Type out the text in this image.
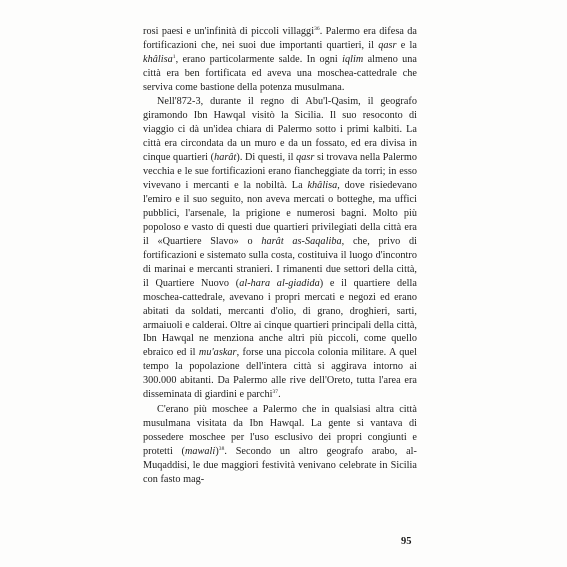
rosi paesi e un'infinità di piccoli villaggi$^{36}$. Palermo era difesa da fortificazioni che, nei suoi due importanti quartieri, il qasr e la khâlisa$^1$, erano particolarmente salde. In ogni iqlim almeno una città era ben fortificata ed aveva una moschea-cattedrale che serviva come bastione della potenza musulmana.

Nell'872-3, durante il regno di Abu'l-Qasim, il geografo giramondo Ibn Hawqal visitò la Sicilia. Il suo resoconto di viaggio ci dà un'idea chiara di Palermo sotto i primi kalbiti. La città era circondata da un muro e da un fossato, ed era divisa in cinque quartieri (harât). Di questi, il qasr si trovava nella Palermo vecchia e le sue fortificazioni erano fiancheggiate da torri; in esso vivevano i mercanti e la nobiltà. La khâlisa, dove risiedevano l'emiro e il suo seguito, non aveva mercati o botteghe, ma uffici pubblici, l'arsenale, la prigione e numerosi bagni. Molto più popoloso e vasto di questi due quartieri privilegiati della città era il «Quartiere Slavo» o harât as-Saqaliba, che, privo di fortificazioni e sistemato sulla costa, costituiva il luogo d'incontro di marinai e mercanti stranieri. I rimanenti due settori della città, il Quartiere Nuovo (al-hara al-giadida) e il quartiere della moschea-cattedrale, avevano i propri mercati e negozi ed erano abitati da soldati, mercanti d'olio, di grano, droghieri, sarti, armaiuoli e calderai. Oltre ai cinque quartieri principali della città, Ibn Hawqal ne menziona anche altri più piccoli, come quello ebraico ed il mu'askar, forse una piccola colonia militare. A quel tempo la popolazione dell'intera città si aggirava intorno ai 300.000 abitanti. Da Palermo alle rive dell'Oreto, tutta l'area era disseminata di giardini e parchi$^{37}$.

C'erano più moschee a Palermo che in qualsiasi altra città musulmana visitata da Ibn Hawqal. La gente si vantava di possedere moschee per l'uso esclusivo dei propri congiunti e protetti (mawali)$^{38}$. Secondo un altro geografo arabo, al-Muqaddisi, le due maggiori festività venivano celebrate in Sicilia con fasto mag-

95
